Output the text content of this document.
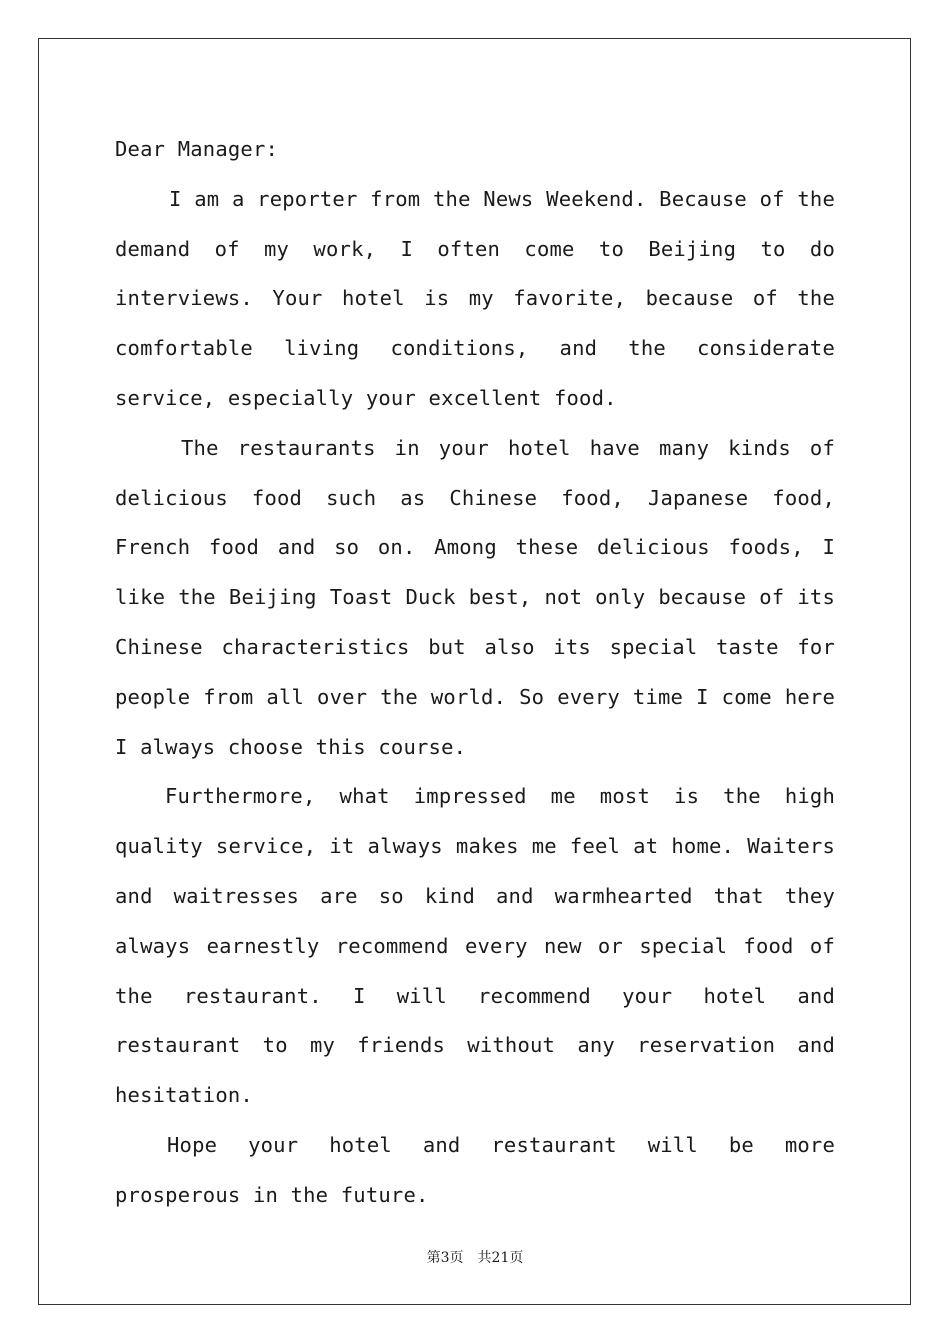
Dear Manager:

I am a reporter from the News Weekend. Because of the demand of my work, I often come to Beijing to do interviews. Your hotel is my favorite, because of the comfortable living conditions, and the considerate service, especially your excellent food.

The restaurants in your hotel have many kinds of delicious food such as Chinese food, Japanese food, French food and so on. Among these delicious foods, I like the Beijing Toast Duck best, not only because of its Chinese characteristics but also its special taste for people from all over the world. So every time I come here I always choose this course.

Furthermore, what impressed me most is the high quality service, it always makes me feel at home. Waiters and waitresses are so kind and warmhearted that they always earnestly recommend every new or special food of the restaurant. I will recommend your hotel and restaurant to my friends without any reservation and hesitation.

Hope your hotel and restaurant will be more prosperous in the future.

第3页　共21页
